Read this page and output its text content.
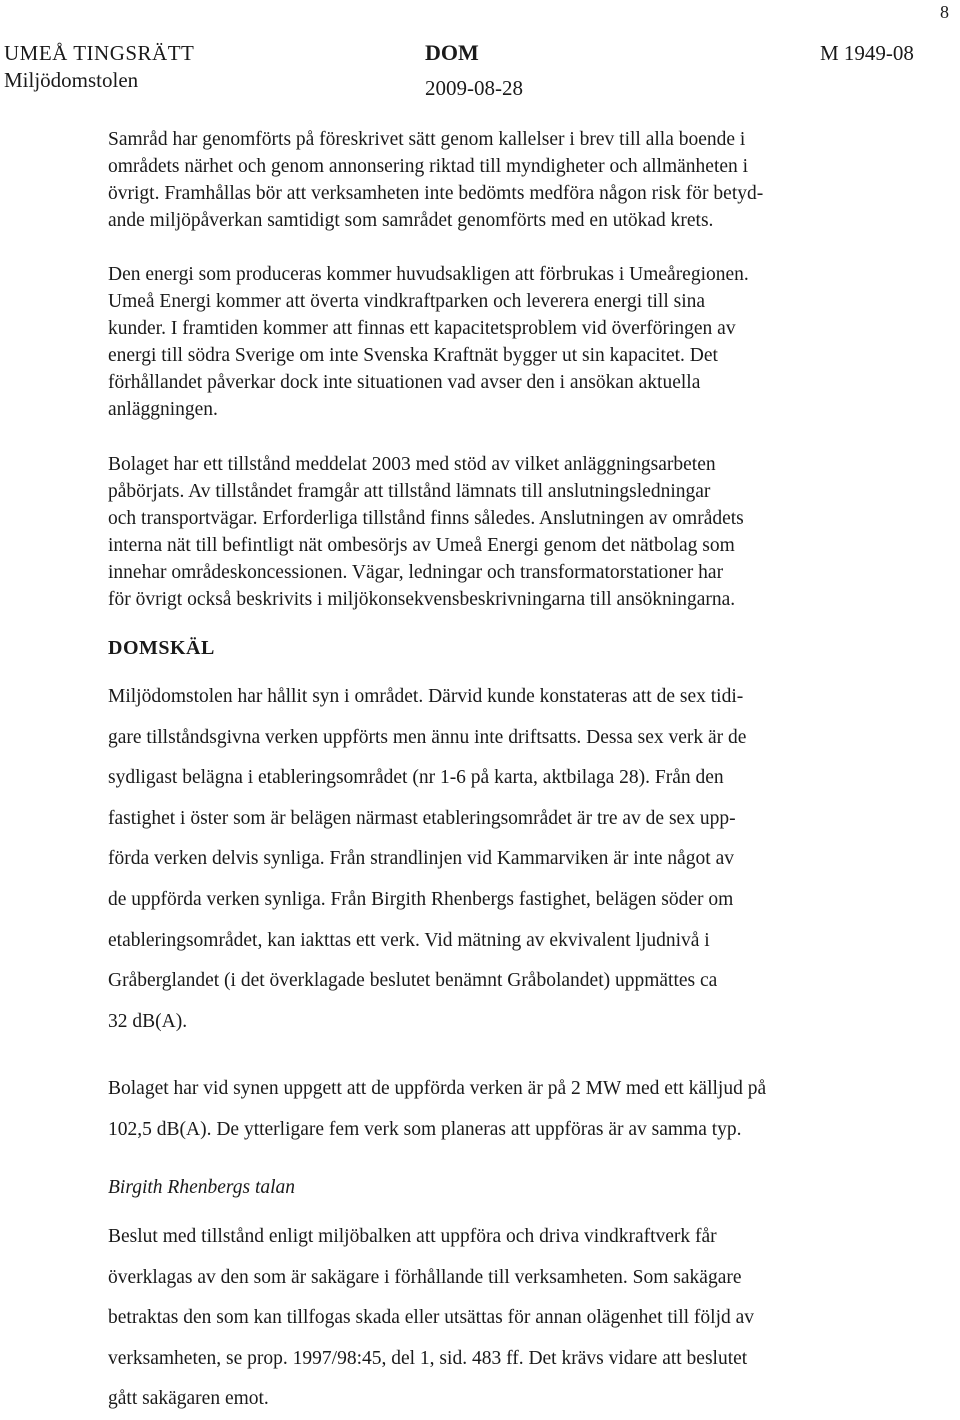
UMEÅ TINGSRÄTT
Miljödomstolen
DOM
2009-08-28
M 1949-08
8
Samråd har genomförts på föreskrivet sätt genom kallelser i brev till alla boende i
områdets närhet och genom annonsering riktad till myndigheter och allmänheten i
övrigt. Framhållas bör att verksamheten inte bedömts medföra någon risk för betyd-
ande miljöpåverkan samtidigt som samrådet genomförts med en utökad krets.
Den energi som produceras kommer huvudsakligen att förbrukas i Umeåregionen.
Umeå Energi kommer att överta vindkraftparken och leverera energi till sina
kunder. I framtiden kommer att finnas ett kapacitetsproblem vid överföringen av
energi till södra Sverige om inte Svenska Kraftnät bygger ut sin kapacitet. Det
förhållandet påverkar dock inte situationen vad avser den i ansökan aktuella
anläggningen.
Bolaget har ett tillstånd meddelat 2003 med stöd av vilket anläggningsarbeten
påbörjats. Av tillståndet framgår att tillstånd lämnats till anslutningsledningar
och transportvägar. Erforderliga tillstånd finns således. Anslutningen av områdets
interna nät till befintligt nät ombesörjs av Umeå Energi genom det nätbolag som
innehar områdeskoncessionen. Vägar, ledningar och transformatorstationer har
för övrigt också beskrivits i miljökonsekvensbeskrivningarna till ansökningarna.
DOMSKÄL
Miljödomstolen har hållit syn i området. Därvid kunde konstateras att de sex tidi-
gare tillståndsgivna verken uppförts men ännu inte driftsatts. Dessa sex verk är de
sydligast belägna i etableringsområdet (nr 1-6 på karta, aktbilaga 28). Från den
fastighet i öster som är belägen närmast etableringsområdet är tre av de sex upp-
förda verken delvis synliga. Från strandlinjen vid Kammarviken är inte något av
de uppförda verken synliga. Från Birgith Rhenbergs fastighet, belägen söder om
etableringsområdet, kan iakttas ett verk. Vid mätning av ekvivalent ljudnivå i
Gråberglandet (i det överklagade beslutet benämnt Gråbolandet) uppmättes ca
32 dB(A).
Bolaget har vid synen uppgett att de uppförda verken är på 2 MW med ett källjud på
102,5 dB(A). De ytterligare fem verk som planeras att uppföras är av samma typ.
Birgith Rhenbergs talan
Beslut med tillstånd enligt miljöbalken att uppföra och driva vindkraftverk får
överklagas av den som är sakägare i förhållande till verksamheten. Som sakägare
betraktas den som kan tillfogas skada eller utsättas för annan olägenhet till följd av
verksamheten, se prop. 1997/98:45, del 1, sid. 483 ff. Det krävs vidare att beslutet
gått sakägaren emot.
